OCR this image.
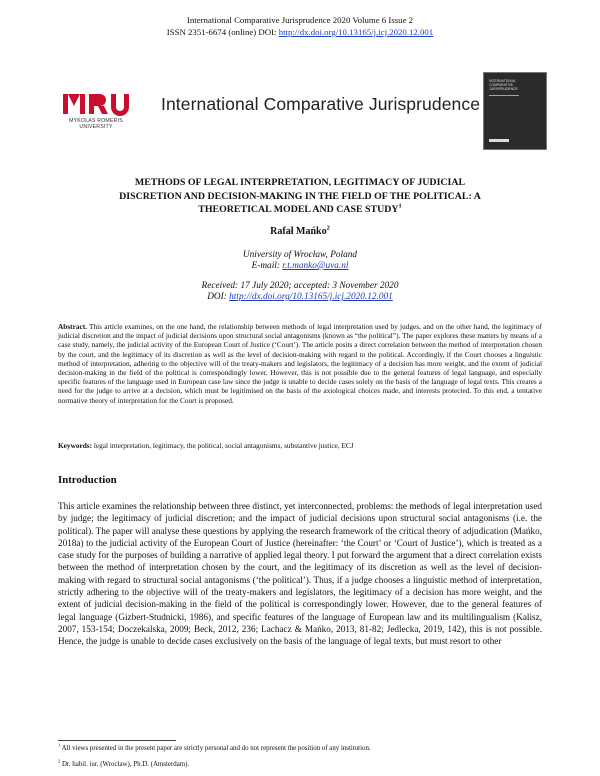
International Comparative Jurisprudence 2020 Volume 6 Issue 2
ISSN 2351-6674 (online) DOI: http://dx.doi.org/10.13165/j.icj.2020.12.001
MYKOLAS ROMERIS
UNIVERSITY
International Comparative Jurisprudence
INTERNATIONAL
COMPARATIVE
JURISPRUDENCE
METHODS OF LEGAL INTERPRETATION, LEGITIMACY OF JUDICIAL DISCRETION AND DECISION-MAKING IN THE FIELD OF THE POLITICAL: A THEORETICAL MODEL AND CASE STUDY$^1$
Rafał Mańko$^2$
University of Wrocław, Poland
E-mail: r.t.manko@uva.nl
Received: 17 July 2020; accepted: 3 November 2020
DOI: http://dx.doi.org/10.13165/j.icj.2020.12.001
Abstract. This article examines, on the one hand, the relationship between methods of legal interpretation used by judges, and on the other hand, the legitimacy of judicial discretion and the impact of judicial decisions upon structural social antagonisms (known as “the political”). The paper explores these matters by means of a case study, namely, the judicial activity of the European Court of Justice (‘Court’). The article posits a direct correlation between the method of interpretation chosen by the court, and the legitimacy of its discretion as well as the level of decision-making with regard to the political. Accordingly, if the Court chooses a linguistic method of interpretation, adhering to the objective will of the treaty-makers and legislators, the legitimacy of a decision has more weight, and the extent of judicial decision-making in the field of the political is correspondingly lower. However, this is not possible due to the general features of legal language, and especially specific features of the language used in European case law since the judge is unable to decide cases solely on the basis of the language of legal texts. This creates a need for the judge to arrive at a decision, which must be legitimised on the basis of the axiological choices made, and interests protected. To this end, a tentative normative theory of interpretation for the Court is proposed.
Keywords: legal interpretation, legitimacy, the political, social antagonisms, substantive justice, ECJ
Introduction
This article examines the relationship between three distinct, yet interconnected, problems: the methods of legal interpretation used by judge; the legitimacy of judicial discretion; and the impact of judicial decisions upon structural social antagonisms (i.e. the political). The paper will analyse these questions by applying the research framework of the critical theory of adjudication (Mańko, 2018a) to the judicial activity of the European Court of Justice (hereinafter: ‘the Court’ or ‘Court of Justice’), which is treated as a case study for the purposes of building a narrative of applied legal theory. I put forward the argument that a direct correlation exists between the method of interpretation chosen by the court, and the legitimacy of its discretion as well as the level of decision-making with regard to structural social antagonisms (‘the political’). Thus, if a judge chooses a linguistic method of interpretation, strictly adhering to the objective will of the treaty-makers and legislators, the legitimacy of a decision has more weight, and the extent of judicial decision-making in the field of the political is correspondingly lower. However, due to the general features of legal language (Gizbert-Studnicki, 1986), and specific features of the language of European law and its multilingualism (Kalisz, 2007, 153-154; Doczekalska, 2009; Beck, 2012, 236; Lachacz & Mańko, 2013, 81-82; Jedlecka, 2019, 142), this is not possible. Hence, the judge is unable to decide cases exclusively on the basis of the language of legal texts, but must resort to other
$^1$ All views presented in the present paper are strictly personal and do not represent the position of any institution.
$^2$ Dr. habil. iur. (Wrocław), Ph.D. (Amsterdam).
